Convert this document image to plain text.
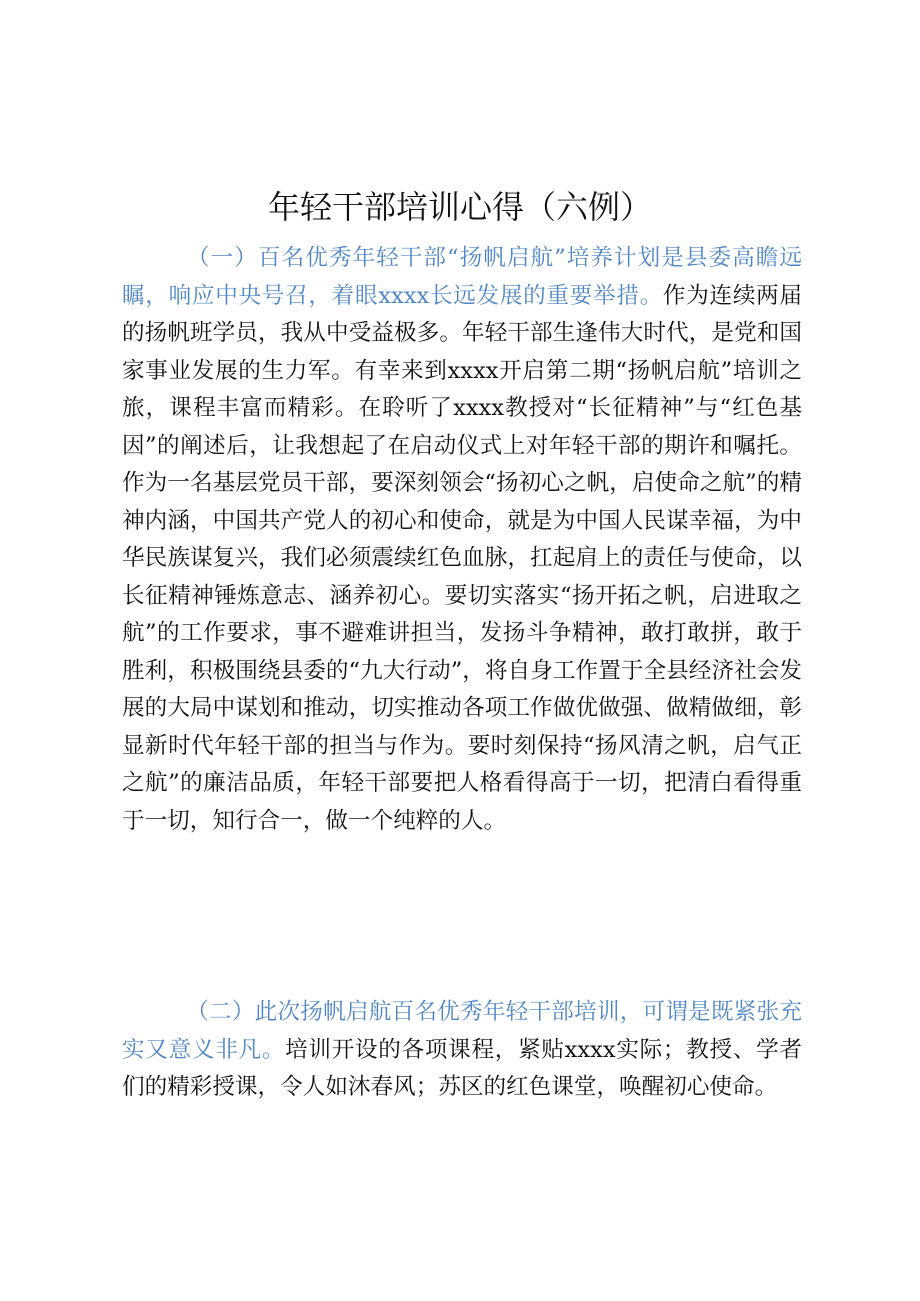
年轻干部培训心得（六例）

（一）百名优秀年轻干部“扬帆启航”培养计划是县委高瞻远瞩，响应中央号召，着眼xxxx长远发展的重要举措。作为连续两届的扬帆班学员，我从中受益极多。年轻干部生逢伟大时代，是党和国家事业发展的生力军。有幸来到xxxx开启第二期“扬帆启航”培训之旅，课程丰富而精彩。在聆听了xxxx教授对“长征精神”与“红色基因”的阐述后，让我想起了在启动仪式上对年轻干部的期许和嘱托。作为一名基层党员干部，要深刻领会“扬初心之帆，启使命之航”的精神内涵，中国共产党人的初心和使命，就是为中国人民谋幸福，为中华民族谋复兴，我们必须震续红色血脉，扛起肩上的责任与使命，以长征精神锤炼意志、涵养初心。要切实落实“扬开拓之帆，启进取之航”的工作要求，事不避难讲担当，发扬斗争精神，敢打敢拼，敢于胜利，积极围绕县委的“九大行动”，将自身工作置于全县经济社会发展的大局中谋划和推动，切实推动各项工作做优做强、做精做细，彰显新时代年轻干部的担当与作为。要时刻保持“扬风清之帆，启气正之航”的廉洁品质，年轻干部要把人格看得高于一切，把清白看得重于一切，知行合一，做一个纯粹的人。

（二）此次扬帆启航百名优秀年轻干部培训，可谓是既紧张充实又意义非凡。培训开设的各项课程，紧贴xxxx实际；教授、学者们的精彩授课，令人如沐春风；苏区的红色课堂，唤醒初心使命。
